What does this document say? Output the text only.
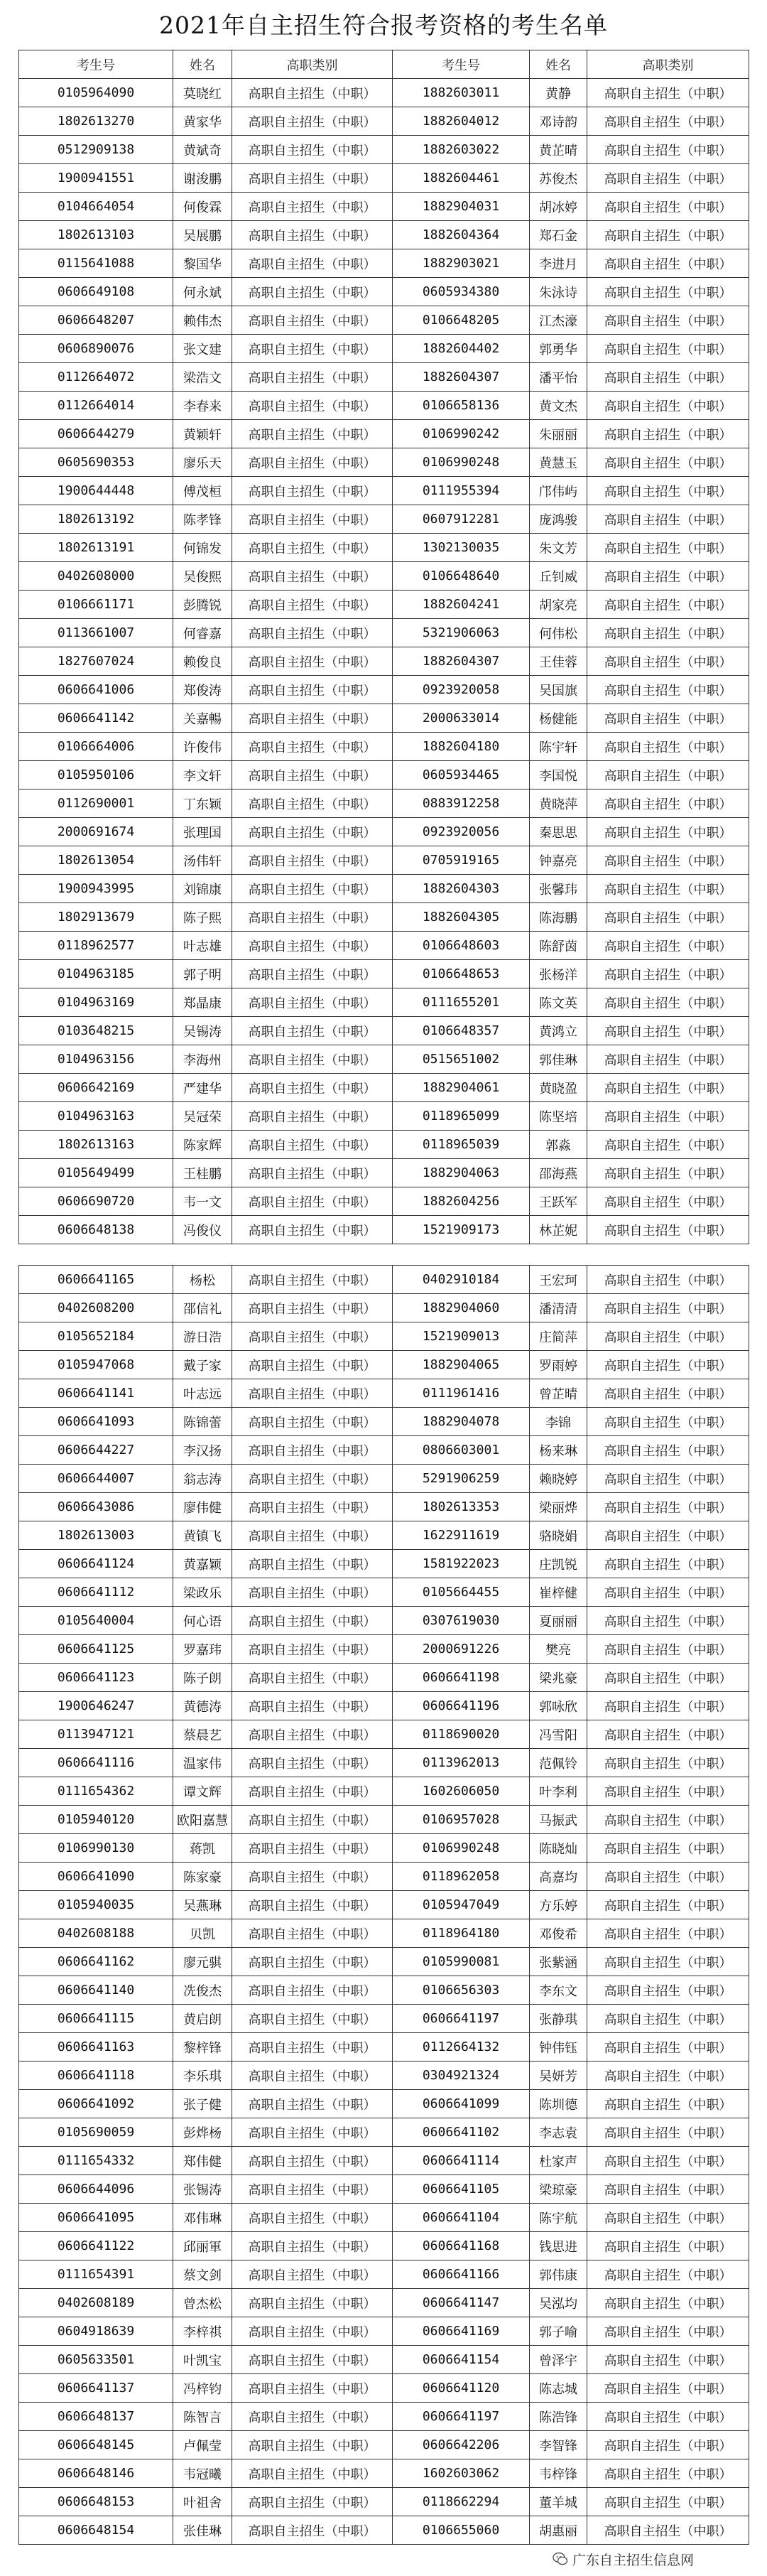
2021年自主招生符合报考资格的考生名单
考生号	姓名	高职类别	考生号	姓名	高职类别
0105964090	莫晓红	高职自主招生（中职）	1882603011	黄静	高职自主招生（中职）
1802613270	黄家华	高职自主招生（中职）	1882604012	邓诗韵	高职自主招生（中职）
0512909138	黄斌奇	高职自主招生（中职）	1882603022	黄芷晴	高职自主招生（中职）
1900941551	谢浚鹏	高职自主招生（中职）	1882604461	苏俊杰	高职自主招生（中职）
0104664054	何俊霖	高职自主招生（中职）	1882904031	胡冰婷	高职自主招生（中职）
1802613103	吴展鹏	高职自主招生（中职）	1882604364	郑石金	高职自主招生（中职）
0115641088	黎国华	高职自主招生（中职）	1882903021	李进月	高职自主招生（中职）
0606649108	何永斌	高职自主招生（中职）	0605934380	朱泳诗	高职自主招生（中职）
0606648207	赖伟杰	高职自主招生（中职）	0106648205	江杰濠	高职自主招生（中职）
0606890076	张文建	高职自主招生（中职）	1882604402	郭勇华	高职自主招生（中职）
0112664072	梁浩文	高职自主招生（中职）	1882604307	潘平怡	高职自主招生（中职）
0112664014	李春来	高职自主招生（中职）	0106658136	黄文杰	高职自主招生（中职）
0606644279	黄颖轩	高职自主招生（中职）	0106990242	朱丽丽	高职自主招生（中职）
0605690353	廖乐天	高职自主招生（中职）	0106990248	黄慧玉	高职自主招生（中职）
1900644448	傅茂桓	高职自主招生（中职）	0111955394	邝伟屿	高职自主招生（中职）
1802613192	陈孝锋	高职自主招生（中职）	0607912281	庞鸿骏	高职自主招生（中职）
1802613191	何锦发	高职自主招生（中职）	1302130035	朱文芳	高职自主招生（中职）
0402608000	吴俊熙	高职自主招生（中职）	0106648640	丘钊威	高职自主招生（中职）
0106661171	彭腾锐	高职自主招生（中职）	1882604241	胡家亮	高职自主招生（中职）
0113661007	何睿嘉	高职自主招生（中职）	5321906063	何伟松	高职自主招生（中职）
1827607024	赖俊良	高职自主招生（中职）	1882604307	王佳蓉	高职自主招生（中职）
0606641006	郑俊涛	高职自主招生（中职）	0923920058	吴国旗	高职自主招生（中职）
0606641142	关嘉暢	高职自主招生（中职）	2000633014	杨健能	高职自主招生（中职）
0106664006	许俊伟	高职自主招生（中职）	1882604180	陈宇轩	高职自主招生（中职）
0105950106	李文轩	高职自主招生（中职）	0605934465	李国悦	高职自主招生（中职）
0112690001	丁东颖	高职自主招生（中职）	0883912258	黄晓萍	高职自主招生（中职）
2000691674	张理国	高职自主招生（中职）	0923920056	秦思思	高职自主招生（中职）
1802613054	汤伟轩	高职自主招生（中职）	0705919165	钟嘉亮	高职自主招生（中职）
1900943995	刘锦康	高职自主招生（中职）	1882604303	张馨玮	高职自主招生（中职）
1802913679	陈子熙	高职自主招生（中职）	1882604305	陈海鹏	高职自主招生（中职）
0118962577	叶志雄	高职自主招生（中职）	0106648603	陈舒茵	高职自主招生（中职）
0104963185	郭子明	高职自主招生（中职）	0106648653	张杨洋	高职自主招生（中职）
0104963169	郑晶康	高职自主招生（中职）	0111655201	陈文英	高职自主招生（中职）
0103648215	吴锡涛	高职自主招生（中职）	0106648357	黄鸿立	高职自主招生（中职）
0104963156	李海州	高职自主招生（中职）	0515651002	郭佳琳	高职自主招生（中职）
0606642169	严建华	高职自主招生（中职）	1882904061	黄晓盈	高职自主招生（中职）
0104963163	吴冠荣	高职自主招生（中职）	0118965099	陈坚培	高职自主招生（中职）
1802613163	陈家辉	高职自主招生（中职）	0118965039	郭淼	高职自主招生（中职）
0105649499	王桂鹏	高职自主招生（中职）	1882904063	邵海燕	高职自主招生（中职）
0606690720	韦一文	高职自主招生（中职）	1882604256	王跃军	高职自主招生（中职）
0606648138	冯俊仪	高职自主招生（中职）	1521909173	林芷妮	高职自主招生（中职）
0606641165	杨松	高职自主招生（中职）	0402910184	王宏珂	高职自主招生（中职）
0402608200	邵信礼	高职自主招生（中职）	1882904060	潘清清	高职自主招生（中职）
0105652184	游日浩	高职自主招生（中职）	1521909013	庄简萍	高职自主招生（中职）
0105947068	戴子家	高职自主招生（中职）	1882904065	罗雨婷	高职自主招生（中职）
0606641141	叶志远	高职自主招生（中职）	0111961416	曾芷晴	高职自主招生（中职）
0606641093	陈锦蕾	高职自主招生（中职）	1882904078	李锦	高职自主招生（中职）
0606644227	李汉扬	高职自主招生（中职）	0806603001	杨来琳	高职自主招生（中职）
0606644007	翁志涛	高职自主招生（中职）	5291906259	赖晓婷	高职自主招生（中职）
0606643086	廖伟健	高职自主招生（中职）	1802613353	梁丽烨	高职自主招生（中职）
1802613003	黄镇飞	高职自主招生（中职）	1622911619	骆晓娟	高职自主招生（中职）
0606641124	黄嘉颖	高职自主招生（中职）	1581922023	庄凯锐	高职自主招生（中职）
0606641112	梁政乐	高职自主招生（中职）	0105664455	崔梓健	高职自主招生（中职）
0105640004	何心语	高职自主招生（中职）	0307619030	夏丽丽	高职自主招生（中职）
0606641125	罗嘉玮	高职自主招生（中职）	2000691226	樊亮	高职自主招生（中职）
0606641123	陈子朗	高职自主招生（中职）	0606641198	梁兆豪	高职自主招生（中职）
1900646247	黄德涛	高职自主招生（中职）	0606641196	郭咏欣	高职自主招生（中职）
0113947121	蔡晨艺	高职自主招生（中职）	0118690020	冯雪阳	高职自主招生（中职）
0606641116	温家伟	高职自主招生（中职）	0113962013	范佩铃	高职自主招生（中职）
0111654362	谭文辉	高职自主招生（中职）	1602606050	叶李利	高职自主招生（中职）
0105940120	欧阳嘉慧	高职自主招生（中职）	0106957028	马振武	高职自主招生（中职）
0106990130	蒋凯	高职自主招生（中职）	0106990248	陈晓灿	高职自主招生（中职）
0606641090	陈家豪	高职自主招生（中职）	0118962058	高嘉均	高职自主招生（中职）
0105940035	吴燕琳	高职自主招生（中职）	0105947049	方乐婷	高职自主招生（中职）
0402608188	贝凯	高职自主招生（中职）	0118964180	邓俊希	高职自主招生（中职）
0606641162	廖元骐	高职自主招生（中职）	0105990081	张紫涵	高职自主招生（中职）
0606641140	冼俊杰	高职自主招生（中职）	0106656303	李东文	高职自主招生（中职）
0606641115	黄启朗	高职自主招生（中职）	0606641197	张静琪	高职自主招生（中职）
0606641163	黎梓锋	高职自主招生（中职）	0112664132	钟伟钰	高职自主招生（中职）
0606641118	李乐琪	高职自主招生（中职）	0304921324	吴妍芳	高职自主招生（中职）
0606641092	张子健	高职自主招生（中职）	0606641099	陈圳德	高职自主招生（中职）
0105690059	彭烨杨	高职自主招生（中职）	0606641102	李志袁	高职自主招生（中职）
0111654332	郑伟健	高职自主招生（中职）	0606641114	杜家声	高职自主招生（中职）
0606644096	张锡涛	高职自主招生（中职）	0606641105	梁琼豪	高职自主招生（中职）
0606641095	邓伟琳	高职自主招生（中职）	0606641104	陈宇航	高职自主招生（中职）
0606641122	邱丽軍	高职自主招生（中职）	0606641168	钱思进	高职自主招生（中职）
0111654391	蔡文剑	高职自主招生（中职）	0606641166	郭伟康	高职自主招生（中职）
0402608189	曾杰松	高职自主招生（中职）	0606641147	吴泓均	高职自主招生（中职）
0604918639	李梓祺	高职自主招生（中职）	0606641169	郭子喻	高职自主招生（中职）
0605633501	叶凯宝	高职自主招生（中职）	0606641154	曾泽宇	高职自主招生（中职）
0606641137	冯梓钧	高职自主招生（中职）	0606641120	陈志城	高职自主招生（中职）
0606648137	陈智言	高职自主招生（中职）	0606641197	陈浩锋	高职自主招生（中职）
0606648145	卢佩莹	高职自主招生（中职）	0606642206	李智锋	高职自主招生（中职）
0606648146	韦冠曦	高职自主招生（中职）	1602603062	韦梓锋	高职自主招生（中职）
0606648153	叶祖舍	高职自主招生（中职）	0118662294	董羊城	高职自主招生（中职）
0606648154	张佳琳	高职自主招生（中职）	0106655060	胡惠丽	高职自主招生（中职）
广东自主招生信息网
